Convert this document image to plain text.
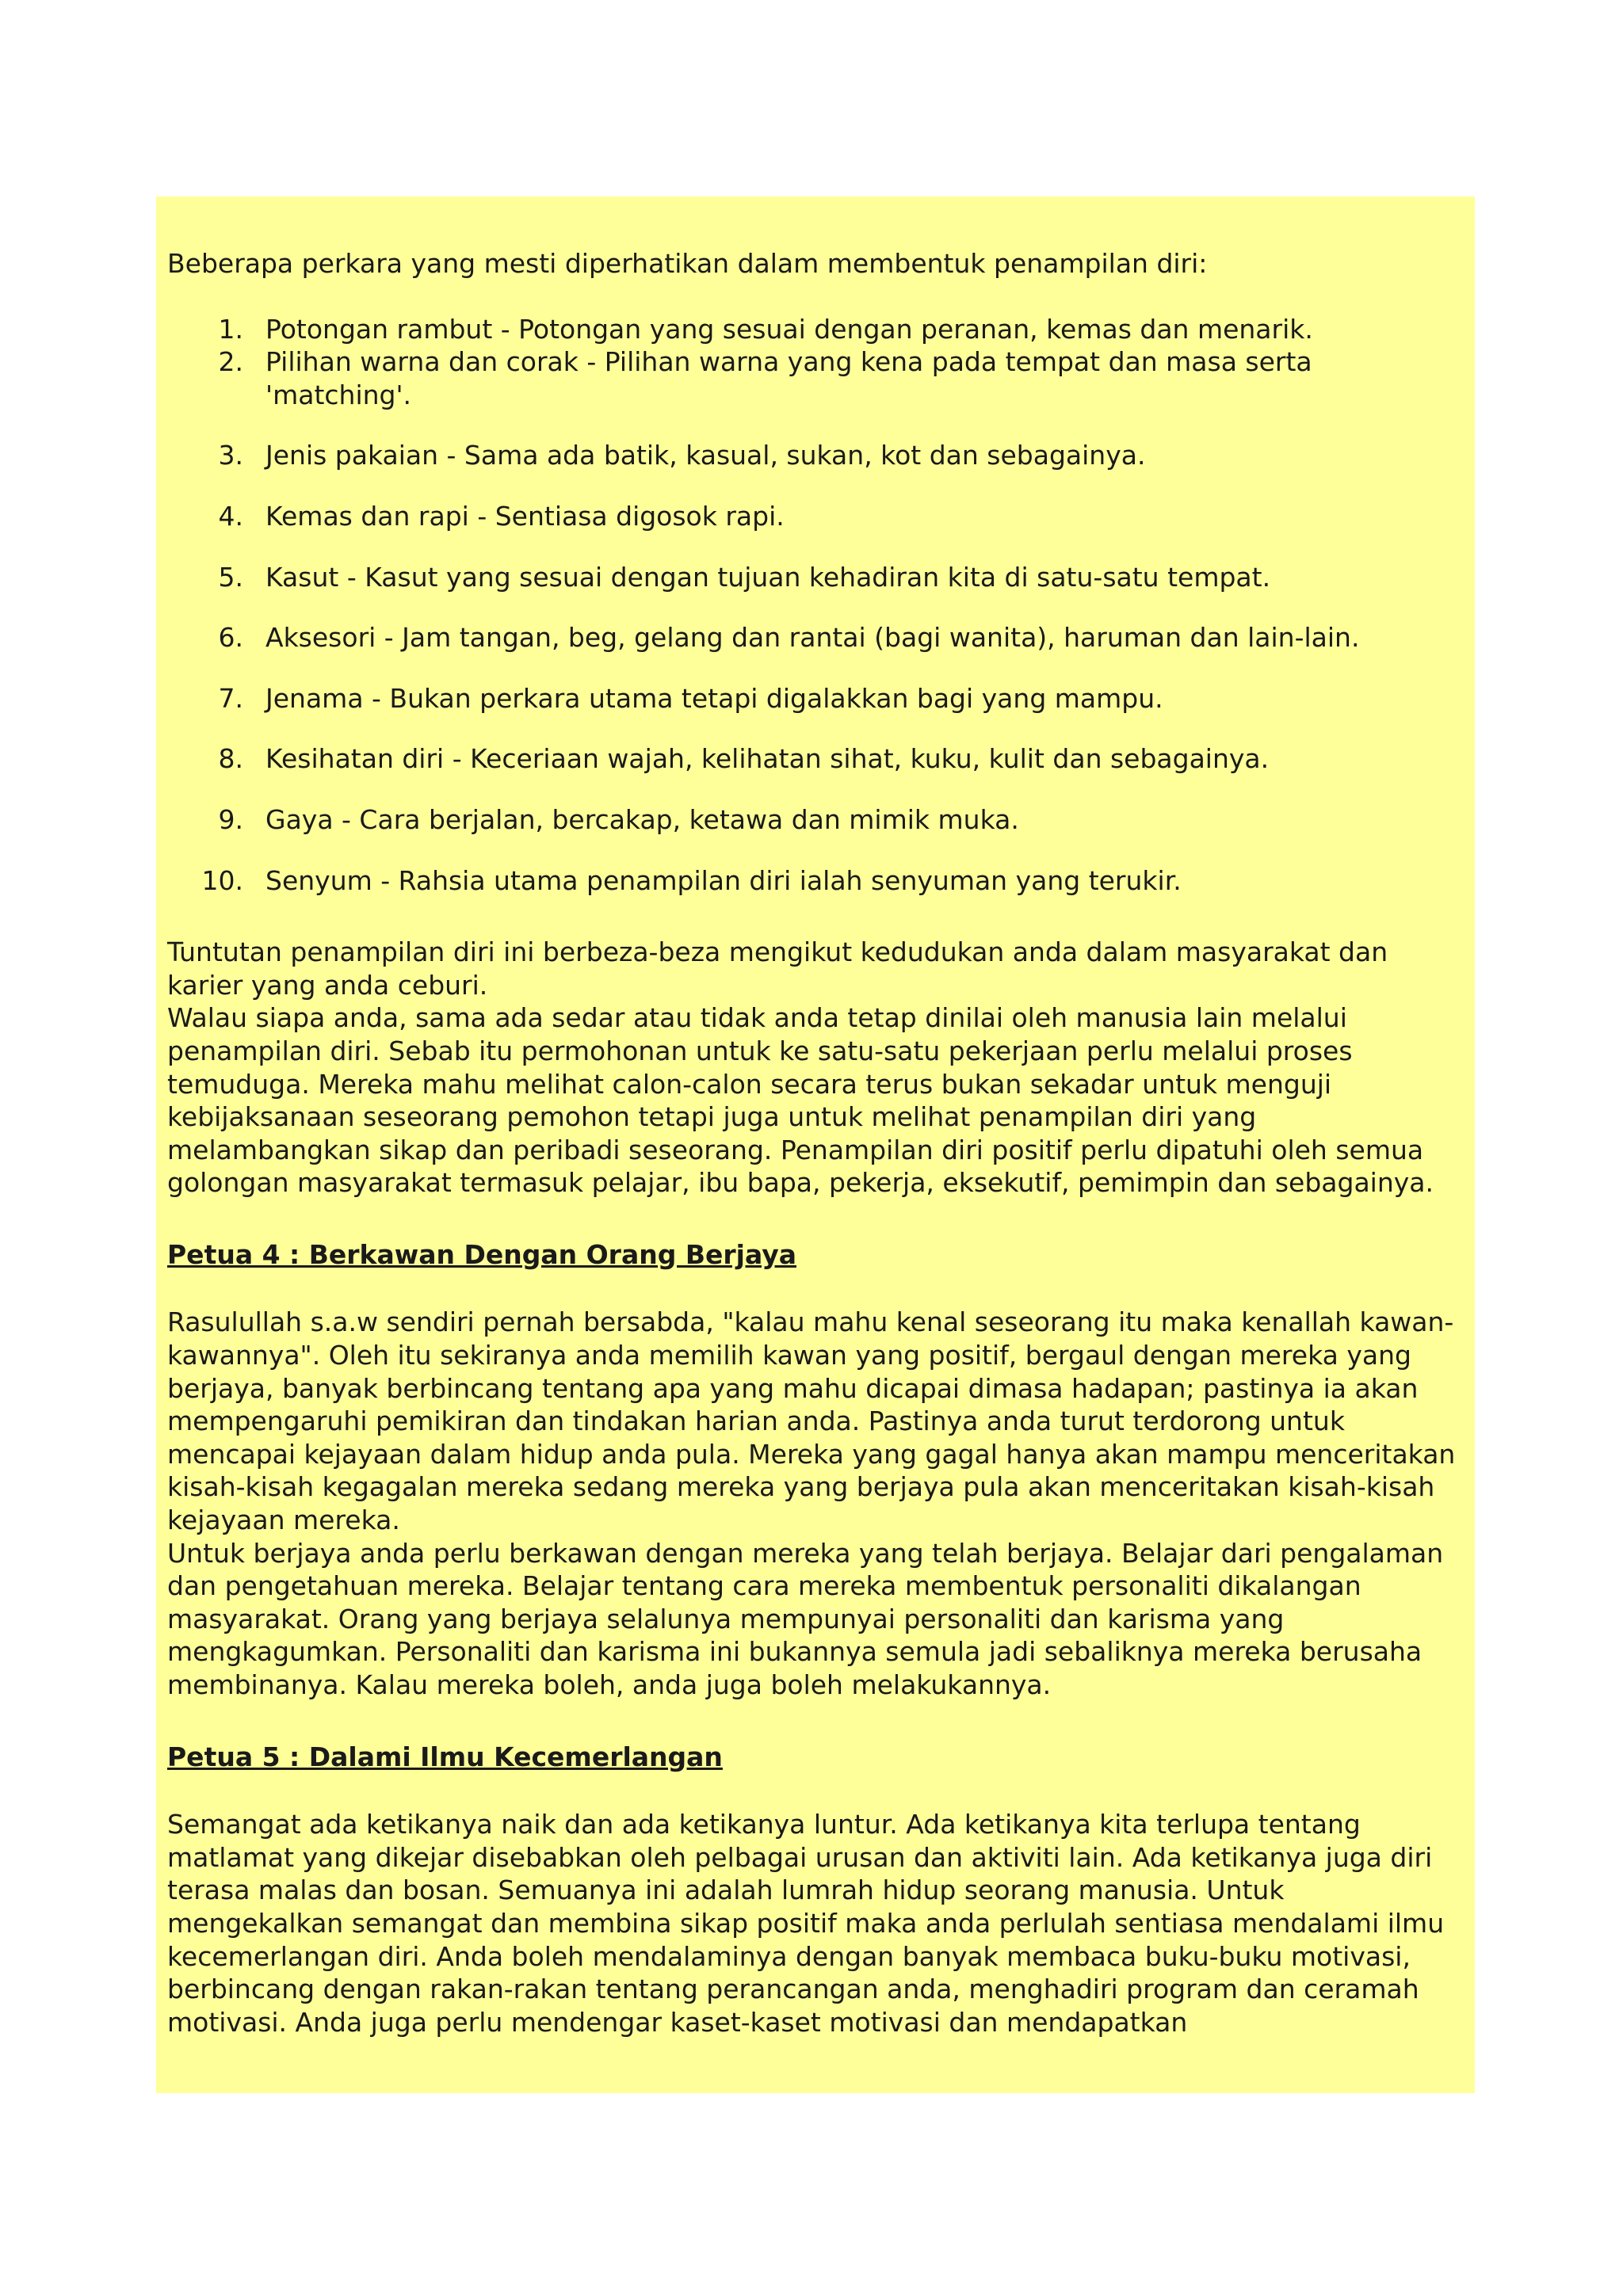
Beberapa perkara yang mesti diperhatikan dalam membentuk penampilan diri:

1. Potongan rambut - Potongan yang sesuai dengan peranan, kemas dan menarik.
2. Pilihan warna dan corak - Pilihan warna yang kena pada tempat dan masa serta 'matching'.
3. Jenis pakaian - Sama ada batik, kasual, sukan, kot dan sebagainya.
4. Kemas dan rapi - Sentiasa digosok rapi.
5. Kasut - Kasut yang sesuai dengan tujuan kehadiran kita di satu-satu tempat.
6. Aksesori - Jam tangan, beg, gelang dan rantai (bagi wanita), haruman dan lain-lain.
7. Jenama - Bukan perkara utama tetapi digalakkan bagi yang mampu.
8. Kesihatan diri - Keceriaan wajah, kelihatan sihat, kuku, kulit dan sebagainya.
9. Gaya - Cara berjalan, bercakap, ketawa dan mimik muka.
10. Senyum - Rahsia utama penampilan diri ialah senyuman yang terukir.

Tuntutan penampilan diri ini berbeza-beza mengikut kedudukan anda dalam masyarakat dan karier yang anda ceburi.

Walau siapa anda, sama ada sedar atau tidak anda tetap dinilai oleh manusia lain melalui penampilan diri. Sebab itu permohonan untuk ke satu-satu pekerjaan perlu melalui proses temuduga. Mereka mahu melihat calon-calon secara terus bukan sekadar untuk menguji kebijaksanaan seseorang pemohon tetapi juga untuk melihat penampilan diri yang melambangkan sikap dan peribadi seseorang. Penampilan diri positif perlu dipatuhi oleh semua golongan masyarakat termasuk pelajar, ibu bapa, pekerja, eksekutif, pemimpin dan sebagainya.

Petua 4 : Berkawan Dengan Orang Berjaya

Rasulullah s.a.w sendiri pernah bersabda, "kalau mahu kenal seseorang itu maka kenallah kawan-kawannya". Oleh itu sekiranya anda memilih kawan yang positif, bergaul dengan mereka yang berjaya, banyak berbincang tentang apa yang mahu dicapai dimasa hadapan; pastinya ia akan mempengaruhi pemikiran dan tindakan harian anda. Pastinya anda turut terdorong untuk mencapai kejayaan dalam hidup anda pula. Mereka yang gagal hanya akan mampu menceritakan kisah-kisah kegagalan mereka sedang mereka yang berjaya pula akan menceritakan kisah-kisah kejayaan mereka.

Untuk berjaya anda perlu berkawan dengan mereka yang telah berjaya. Belajar dari pengalaman dan pengetahuan mereka. Belajar tentang cara mereka membentuk personaliti dikalangan masyarakat. Orang yang berjaya selalunya mempunyai personaliti dan karisma yang mengkagumkan. Personaliti dan karisma ini bukannya semula jadi sebaliknya mereka berusaha membinanya. Kalau mereka boleh, anda juga boleh melakukannya.

Petua 5 : Dalami Ilmu Kecemerlangan

Semangat ada ketikanya naik dan ada ketikanya luntur. Ada ketikanya kita terlupa tentang matlamat yang dikejar disebabkan oleh pelbagai urusan dan aktiviti lain. Ada ketikanya juga diri terasa malas dan bosan. Semuanya ini adalah lumrah hidup seorang manusia. Untuk mengekalkan semangat dan membina sikap positif maka anda perlulah sentiasa mendalami ilmu kecemerlangan diri. Anda boleh mendalaminya dengan banyak membaca buku-buku motivasi, berbincang dengan rakan-rakan tentang perancangan anda, menghadiri program dan ceramah motivasi. Anda juga perlu mendengar kaset-kaset motivasi dan mendapatkan
